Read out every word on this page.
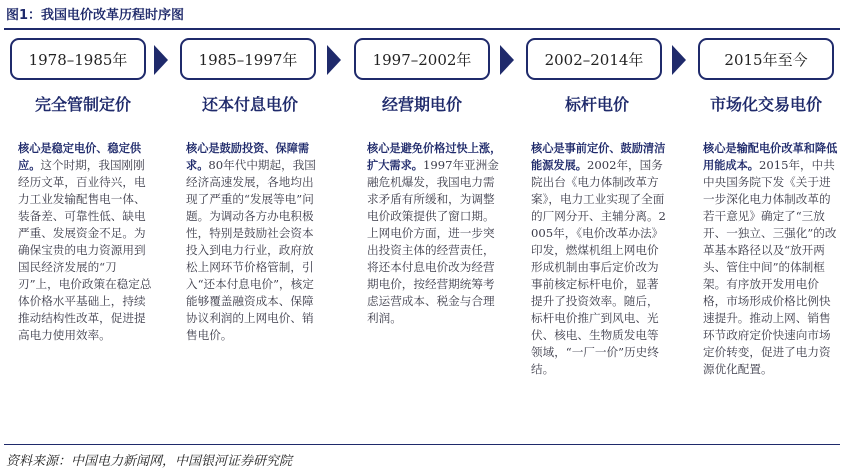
图1：我国电价改革历程时序图
1978–1985年	1985–1997年	1997–2002年	2002–2014年	2015年至今
完全管制定价	还本付息电价	经营期电价	标杆电价	市场化交易电价
核心是稳定电价、稳定供应。这个时期，我国刚刚经历文革，百业待兴，电力工业发输配售电一体、装备差、可靠性低、缺电严重、发展资金不足。为确保宝贵的电力资源用到国民经济发展的“刀刃”上，电价政策在稳定总体价格水平基础上，持续推动结构性改革，促进提高电力使用效率。
核心是鼓励投资、保障需求。80年代中期起，我国经济高速发展，各地均出现了严重的“发展等电”问题。为调动各方办电积极性，特别是鼓励社会资本投入到电力行业，政府放松上网环节价格管制，引入“还本付息电价”，核定能够覆盖融资成本、保障协议利润的上网电价、销售电价。
核心是避免价格过快上涨，扩大需求。1997年亚洲金融危机爆发，我国电力需求矛盾有所缓和，为调整电价政策提供了窗口期。上网电价方面，进一步突出投资主体的经营责任，将还本付息电价改为经营期电价，按经营期统筹考虑运营成本、税金与合理利润。
核心是事前定价、鼓励清洁能源发展。2002年，国务院出台《电力体制改革方案》，电力工业实现了全面的厂网分开、主辅分离。2005年，《电价改革办法》印发，燃煤机组上网电价形成机制由事后定价改为事前核定标杆电价，显著提升了投资效率。随后，标杆电价推广到风电、光伏、核电、生物质发电等领域，“一厂一价”历史终结。
核心是输配电价改革和降低用能成本。2015年，中共中央国务院下发《关于进一步深化电力体制改革的若干意见》确定了“三放开、一独立、三强化”的改革基本路径以及“放开两头、管住中间”的体制框架。有序放开发用电价格，市场形成价格比例快速提升。推动上网、销售环节政府定价快速向市场定价转变，促进了电力资源优化配置。
资料来源：中国电力新闻网，中国银河证券研究院
